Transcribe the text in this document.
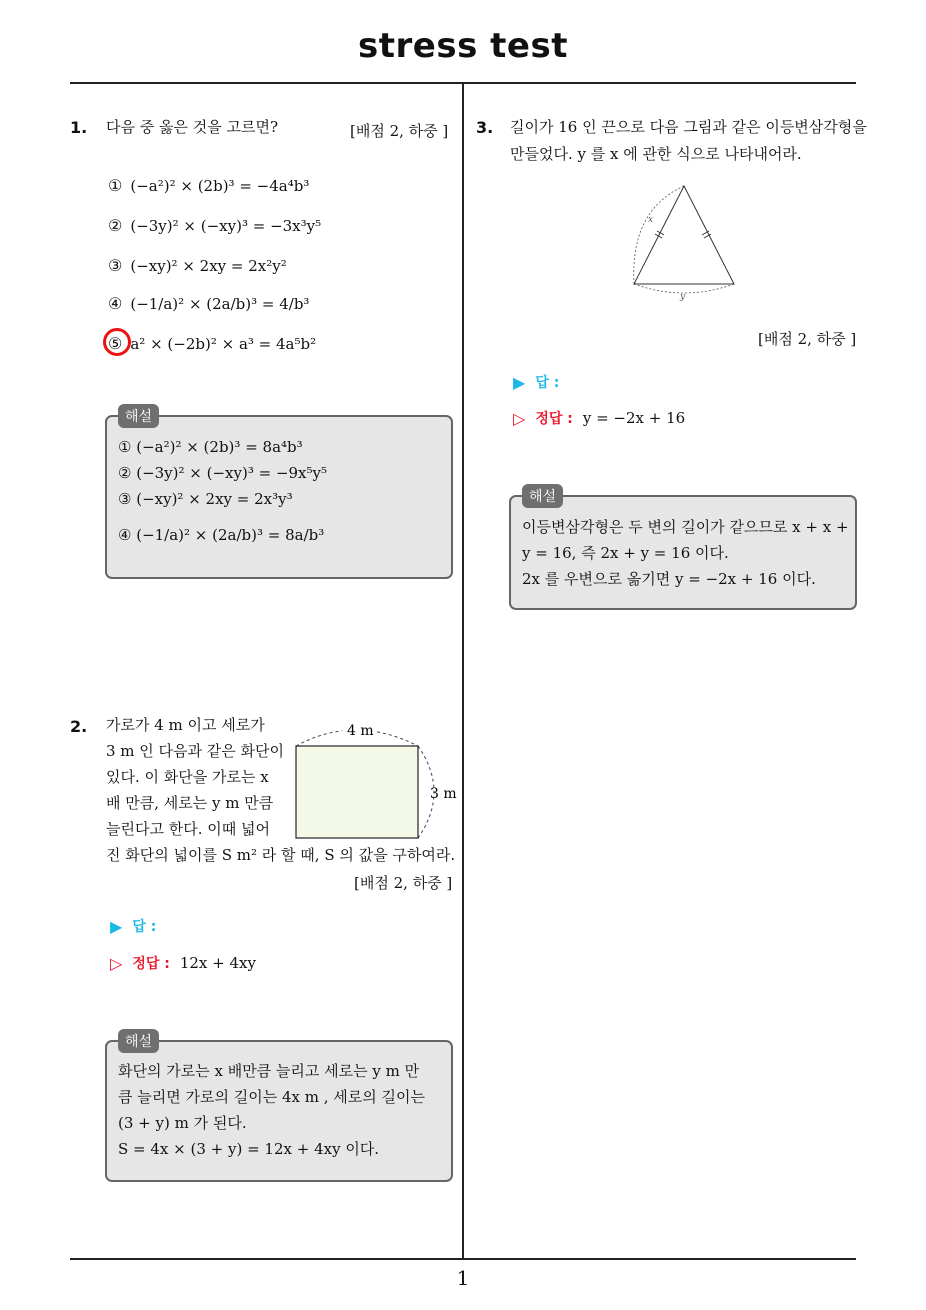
stress test
1
1. 다음 중 옳은 것을 고르면?	[배점 2, 하중 ]
① (−a²)² × (2b)³ = −4a⁴b³
② (−3y)² × (−xy)³ = −3x³y⁵
③ (−xy)² × 2xy = 2x²y²
④ (−1/a)² × (2a/b)³ = 4/b³
⑤ a² × (−2b)² × a³ = 4a⁵b²
해설
① (−a²)² × (2b)³ = 8a⁴b³
② (−3y)² × (−xy)³ = −9x⁵y⁵
③ (−xy)² × 2xy = 2x³y³
④ (−1/a)² × (2a/b)³ = 8a/b³
2. 가로가 4 m 이고 세로가
3 m 인 다음과 같은 화단이
있다. 이 화단을 가로는 x
배 만큼, 세로는 y m 만큼
늘린다고 한다. 이때 넓어
진 화단의 넓이를 S m² 라 할 때, S 의 값을 구하여라.
4 m
3 m
[배점 2, 하중 ]
▶ 답 :
▷ 정답 : 12x + 4xy
해설
화단의 가로는 x 배만큼 늘리고 세로는 y m 만
큼 늘리면 가로의 길이는 4x m , 세로의 길이는
(3 + y) m 가 된다.
S = 4x × (3 + y) = 12x + 4xy 이다.
3. 길이가 16 인 끈으로 다음 그림과 같은 이등변삼각형을
만들었다. y 를 x 에 관한 식으로 나타내어라.
x
y
[배점 2, 하중 ]
▶ 답 :
▷ 정답 : y = −2x + 16
해설
이등변삼각형은 두 변의 길이가 같으므로 x + x +
y = 16, 즉 2x + y = 16 이다.
2x 를 우변으로 옮기면 y = −2x + 16 이다.
